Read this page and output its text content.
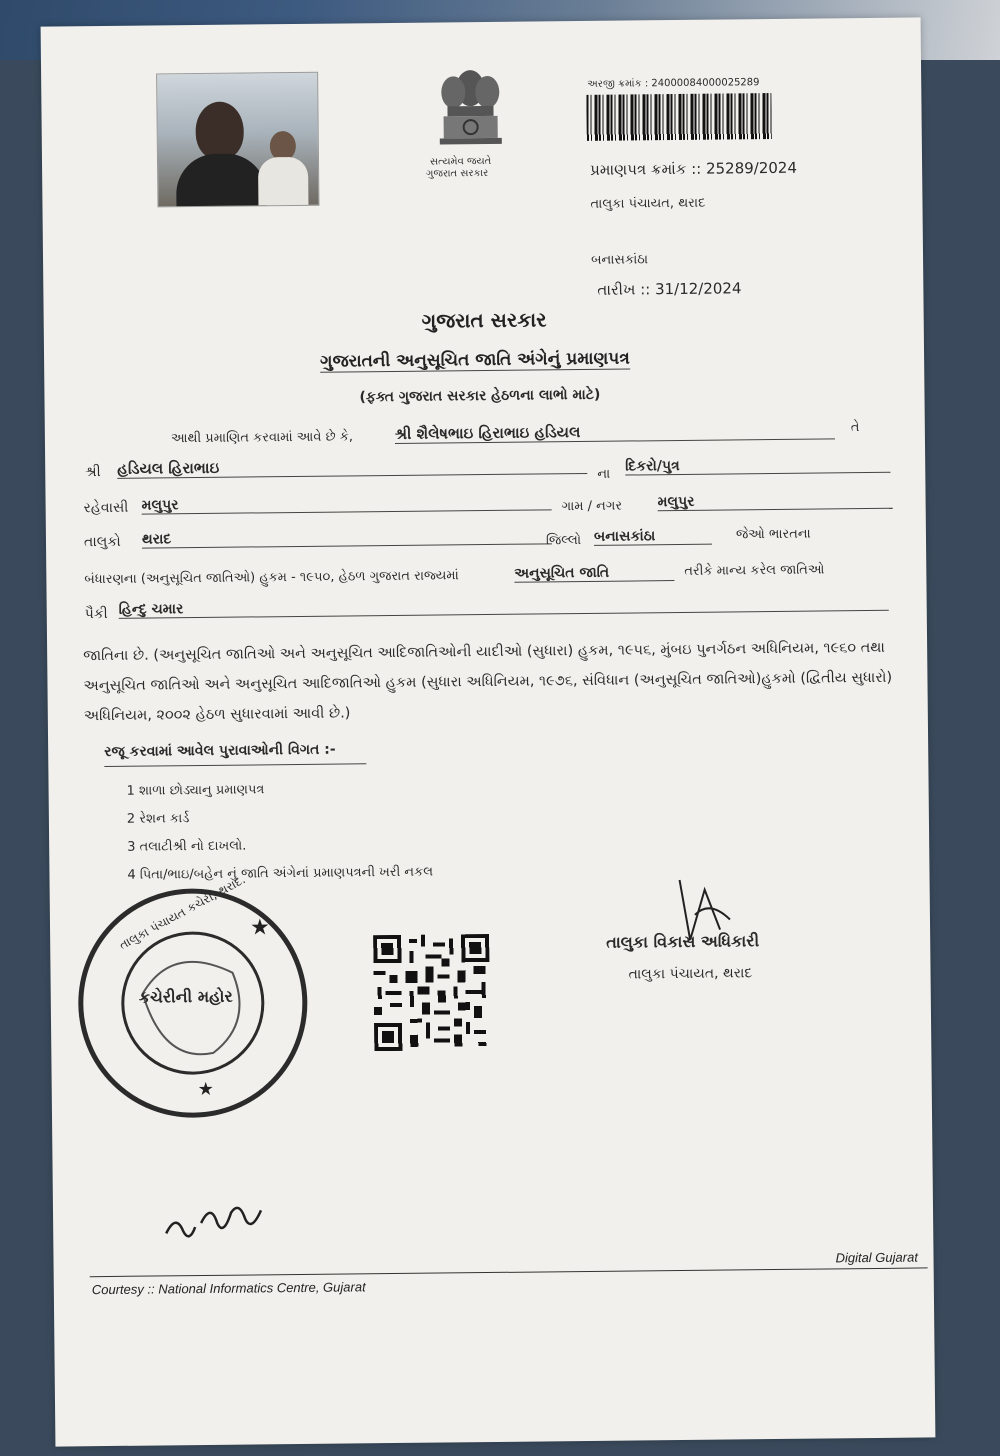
સત્યમેવ જયતે
ગુજરાત સરકાર
અરજી ક્રમાંક : 24000084000025289
પ્રમાણપત્ર ક્રમાંક :: 25289/2024
તાલુકા પંચાયત, થરાદ
બનાસકાંઠા
તારીખ :: 31/12/2024
ગુજરાત સરકાર
ગુજરાતની અનુસૂચિત જાતિ અંગેનું પ્રમાણપત્ર
(ફક્ત ગુજરાત સરકાર હેઠળના લાભો માટે)
આથી પ્રમાણિત કરવામાં આવે છે કે,	શ્રી શૈલેષભાઇ હિરાભાઇ હડિયલ	તે
શ્રી હડિયલ હિરાભાઇ	ના દિકરો/પુત્ર
રહેવાસી મલુપુર	ગામ / નગર	મલુપુર
તાલુકો થરાદ	જિલ્લો બનાસકાંઠા	જેઓ ભારતના
બંધારણના (અનુસૂચિત જાતિઓ) હુકમ - ૧૯૫૦, હેઠળ ગુજરાત રાજ્યમાં	અનુસૂચિત જાતિ	તરીકે માન્ય કરેલ જાતિઓ
પૈકી હિન્દુ ચમાર
જાતિના છે. (અનુસૂચિત જાતિઓ અને અનુસૂચિત આદિજાતિઓની યાદીઓ (સુધારા) હુકમ, ૧૯૫૬, મુંબઇ પુનર્ગઠન અધિનિયમ, ૧૯૬૦ તથા
અનુસૂચિત જાતિઓ અને અનુસૂચિત આદિજાતિઓ હુકમ (સુધારા અધિનિયમ, ૧૯૭૬, સંવિધાન (અનુસૂચિત જાતિઓ)હુકમો (દ્વિતીય સુધારો)
અધિનિયમ, ૨૦૦૨ હેઠળ સુધારવામાં આવી છે.)
રજૂ કરવામાં આવેલ પુરાવાઓની વિગત :-
1 શાળા છોડ્યાનુ પ્રમાણપત્ર
2 રેશન કાર્ડ
3 તલાટીશ્રી નો દાખલો.
4 પિતા/ભાઇ/બહેન નું જાતિ અંગેનાં પ્રમાણપત્રની ખરી નકલ
★
★
કચેરીની મહોર
તાલુકા પંચાયત કચેરી, થરાદ.	તાલુકા વિકાસ અધિકારી
તાલુકા પંચાયત, થરાદ
Courtesy :: National Informatics Centre, Gujarat
Digital Gujarat
